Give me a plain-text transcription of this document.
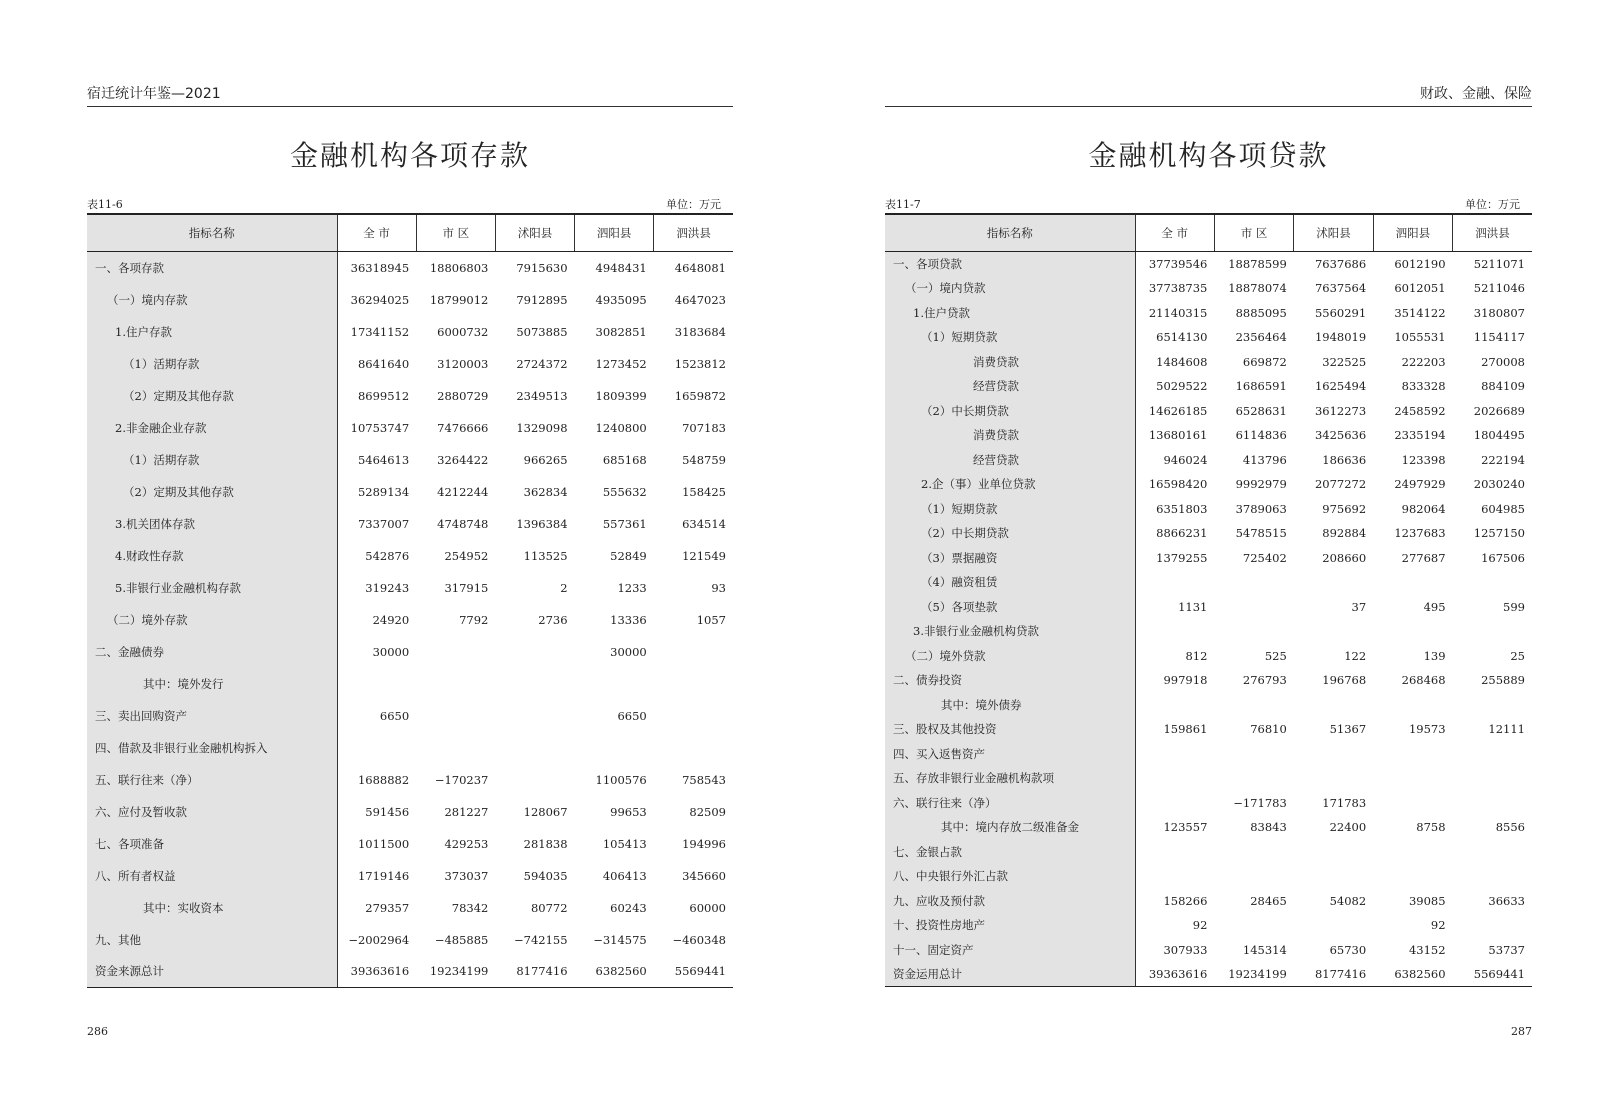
宿迁统计年鉴—2021
金融机构各项存款
表11-6	单位：万元
指标名称	全 市	市 区	沭阳县	泗阳县	泗洪县
一、各项存款	36318945	18806803	7915630	4948431	4648081
（一）境内存款	36294025	18799012	7912895	4935095	4647023
1.住户存款	17341152	6000732	5073885	3082851	3183684
（1）活期存款	8641640	3120003	2724372	1273452	1523812
（2）定期及其他存款	8699512	2880729	2349513	1809399	1659872
2.非金融企业存款	10753747	7476666	1329098	1240800	707183
（1）活期存款	5464613	3264422	966265	685168	548759
（2）定期及其他存款	5289134	4212244	362834	555632	158425
3.机关团体存款	7337007	4748748	1396384	557361	634514
4.财政性存款	542876	254952	113525	52849	121549
5.非银行业金融机构存款	319243	317915	2	1233	93
（二）境外存款	24920	7792	2736	13336	1057
二、金融债券	30000			30000	
其中：境外发行					
三、卖出回购资产	6650			6650	
四、借款及非银行业金融机构拆入					
五、联行往来（净）	1688882	−170237		1100576	758543
六、应付及暂收款	591456	281227	128067	99653	82509
七、各项准备	1011500	429253	281838	105413	194996
八、所有者权益	1719146	373037	594035	406413	345660
其中：实收资本	279357	78342	80772	60243	60000
九、其他	−2002964	−485885	−742155	−314575	−460348
资金来源总计	39363616	19234199	8177416	6382560	5569441
286
财政、金融、保险
金融机构各项贷款
表11-7	单位：万元
指标名称	全 市	市 区	沭阳县	泗阳县	泗洪县
一、各项贷款	37739546	18878599	7637686	6012190	5211071
（一）境内贷款	37738735	18878074	7637564	6012051	5211046
1.住户贷款	21140315	8885095	5560291	3514122	3180807
（1）短期贷款	6514130	2356464	1948019	1055531	1154117
消费贷款	1484608	669872	322525	222203	270008
经营贷款	5029522	1686591	1625494	833328	884109
（2）中长期贷款	14626185	6528631	3612273	2458592	2026689
消费贷款	13680161	6114836	3425636	2335194	1804495
经营贷款	946024	413796	186636	123398	222194
2.企（事）业单位贷款	16598420	9992979	2077272	2497929	2030240
（1）短期贷款	6351803	3789063	975692	982064	604985
（2）中长期贷款	8866231	5478515	892884	1237683	1257150
（3）票据融资	1379255	725402	208660	277687	167506
（4）融资租赁					
（5）各项垫款	1131		37	495	599
3.非银行业金融机构贷款					
（二）境外贷款	812	525	122	139	25
二、债券投资	997918	276793	196768	268468	255889
其中：境外债券					
三、股权及其他投资	159861	76810	51367	19573	12111
四、买入返售资产					
五、存放非银行业金融机构款项					
六、联行往来（净）		−171783	171783		
其中：境内存放二级准备金	123557	83843	22400	8758	8556
七、金银占款					
八、中央银行外汇占款					
九、应收及预付款	158266	28465	54082	39085	36633
十、投资性房地产	92			92	
十一、固定资产	307933	145314	65730	43152	53737
资金运用总计	39363616	19234199	8177416	6382560	5569441
287
